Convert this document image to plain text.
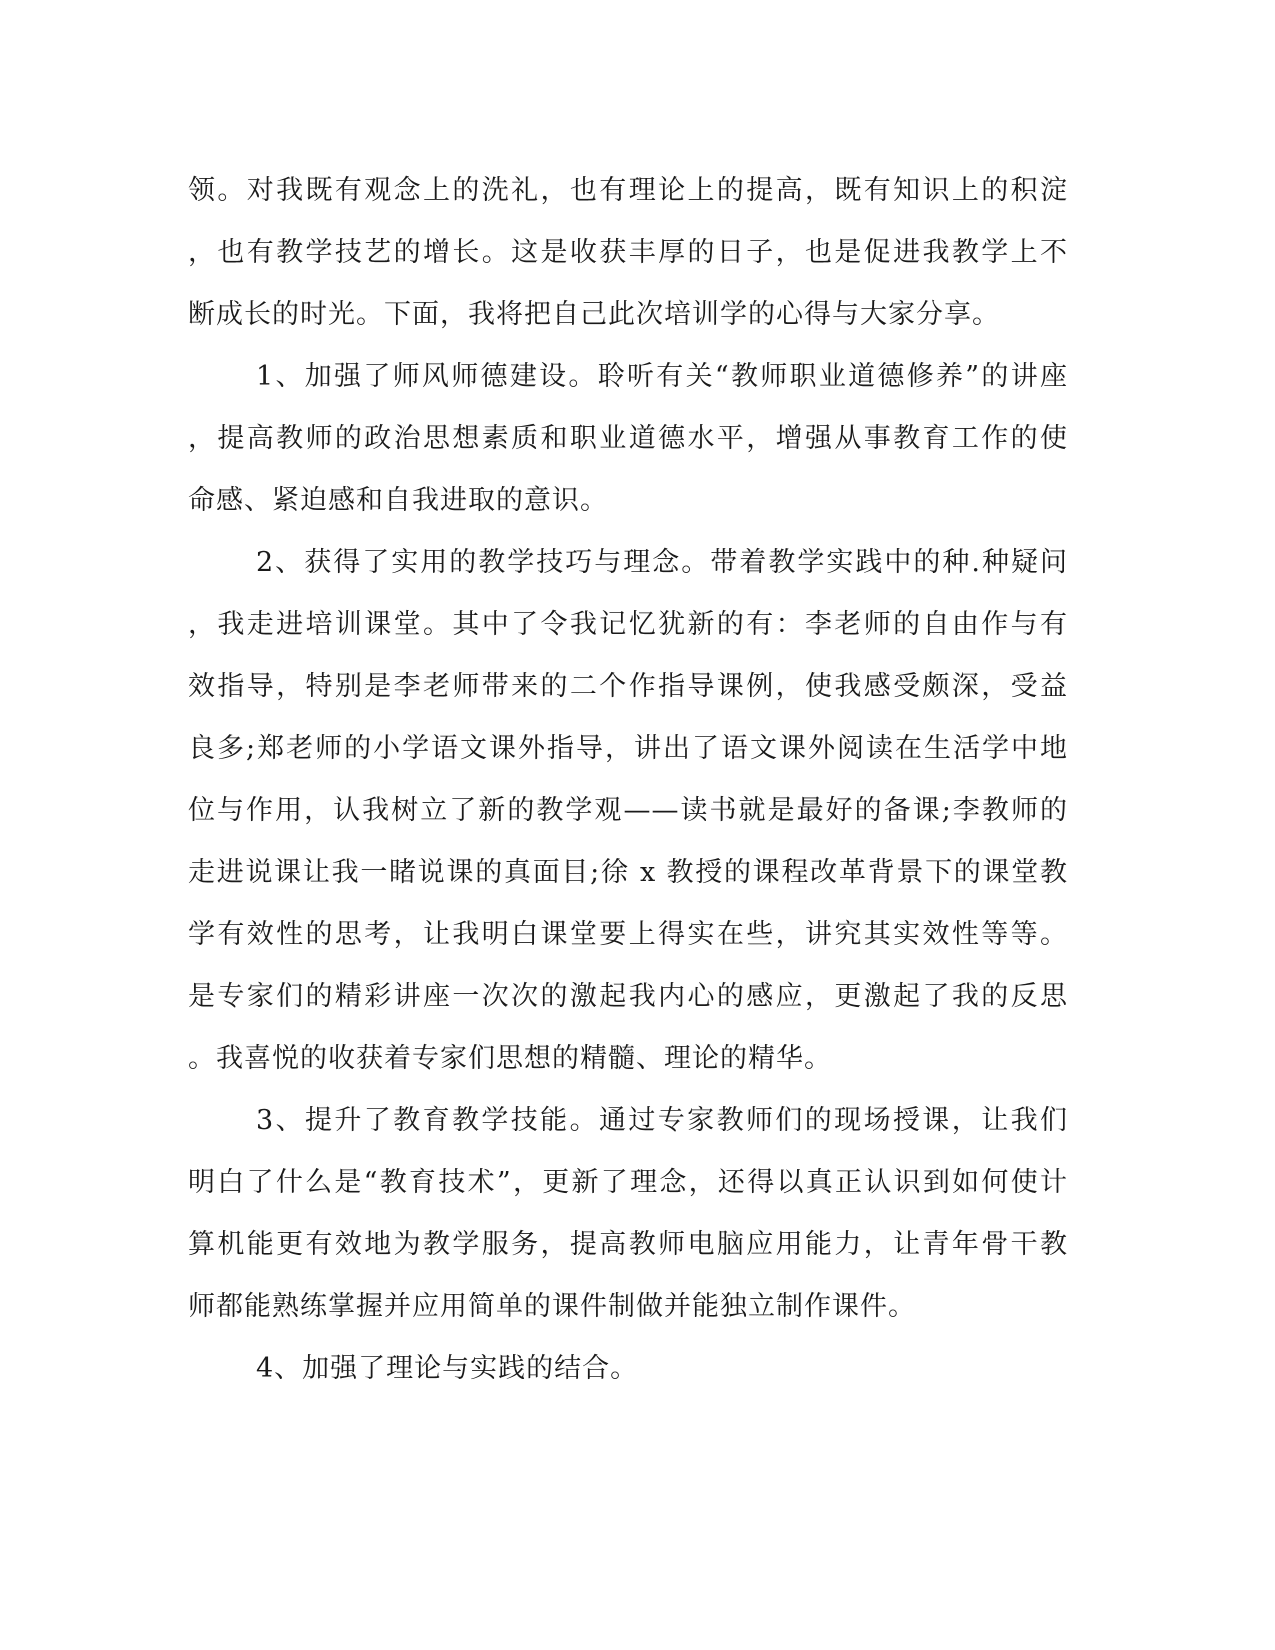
领。对我既有观念上的洗礼，也有理论上的提高，既有知识上的积淀
，也有教学技艺的增长。这是收获丰厚的日子，也是促进我教学上不
断成长的时光。下面，我将把自己此次培训学的心得与大家分享。
1、加强了师风师德建设。聆听有关“教师职业道德修养”的讲座
，提高教师的政治思想素质和职业道德水平，增强从事教育工作的使
命感、紧迫感和自我进取的意识。
2、获得了实用的教学技巧与理念。带着教学实践中的种.种疑问
，我走进培训课堂。其中了令我记忆犹新的有：李老师的自由作与有
效指导，特别是李老师带来的二个作指导课例，使我感受颇深，受益
良多;郑老师的小学语文课外指导，讲出了语文课外阅读在生活学中地
位与作用，认我树立了新的教学观——读书就是最好的备课;李教师的
走进说课让我一睹说课的真面目;徐 x 教授的课程改革背景下的课堂教
学有效性的思考，让我明白课堂要上得实在些，讲究其实效性等等。
是专家们的精彩讲座一次次的激起我内心的感应，更激起了我的反思
。我喜悦的收获着专家们思想的精髓、理论的精华。
3、提升了教育教学技能。通过专家教师们的现场授课，让我们
明白了什么是“教育技术”，更新了理念，还得以真正认识到如何使计
算机能更有效地为教学服务，提高教师电脑应用能力，让青年骨干教
师都能熟练掌握并应用简单的课件制做并能独立制作课件。
4、加强了理论与实践的结合。
